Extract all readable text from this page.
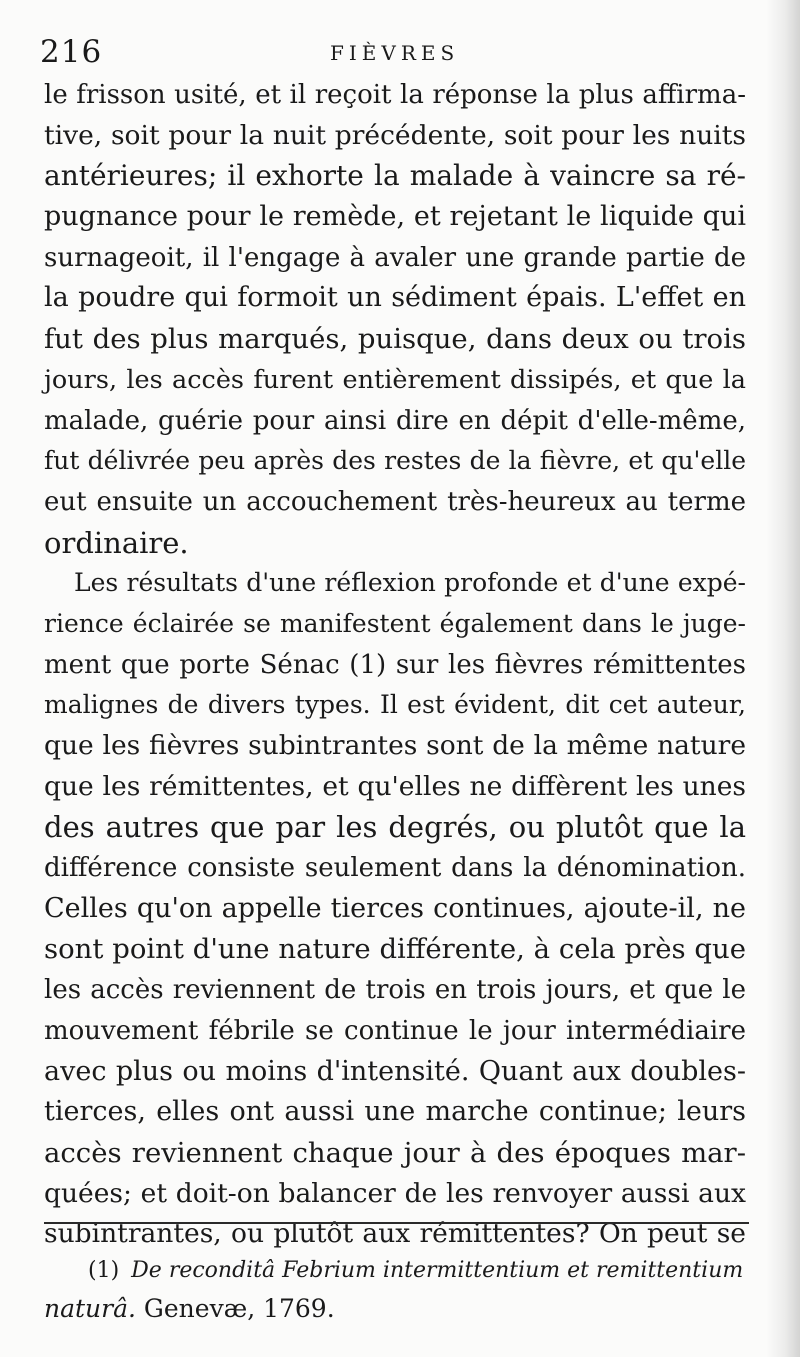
216	FIÈVRES
le frisson usité, et il reçoit la réponse la plus affirma-
tive, soit pour la nuit précédente, soit pour les nuits
antérieures; il exhorte la malade à vaincre sa ré-
pugnance pour le remède, et rejetant le liquide qui
surnageoit, il l'engage à avaler une grande partie de
la poudre qui formoit un sédiment épais. L'effet en
fut des plus marqués, puisque, dans deux ou trois
jours, les accès furent entièrement dissipés, et que la
malade, guérie pour ainsi dire en dépit d'elle-même,
fut délivrée peu après des restes de la fièvre, et qu'elle
eut ensuite un accouchement très-heureux au terme
ordinaire.
Les résultats d'une réflexion profonde et d'une expé-
rience éclairée se manifestent également dans le juge-
ment que porte Sénac (1) sur les fièvres rémittentes
malignes de divers types. Il est évident, dit cet auteur,
que les fièvres subintrantes sont de la même nature
que les rémittentes, et qu'elles ne diffèrent les unes
des autres que par les degrés, ou plutôt que la
différence consiste seulement dans la dénomination.
Celles qu'on appelle tierces continues, ajoute-il, ne
sont point d'une nature différente, à cela près que
les accès reviennent de trois en trois jours, et que le
mouvement fébrile se continue le jour intermédiaire
avec plus ou moins d'intensité. Quant aux doubles-
tierces, elles ont aussi une marche continue; leurs
accès reviennent chaque jour à des époques mar-
quées; et doit-on balancer de les renvoyer aussi aux
subintrantes, ou plutôt aux rémittentes? On peut se
(1) De reconditâ Febrium intermittentium et remittentium
naturâ. Genevæ, 1769.
